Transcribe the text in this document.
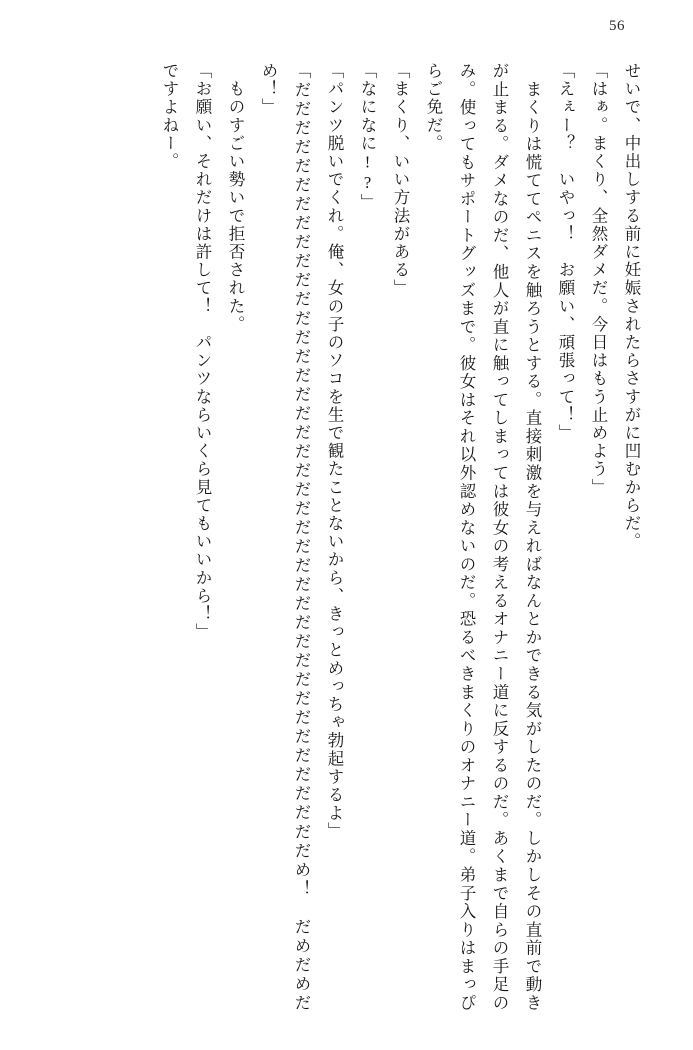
56

せいで、中出しする前に妊娠されたらさすがに凹むからだ。

「はぁ。まくり、全然ダメだ。今日はもう止めよう」

「えぇー？　いやっ！　お願い、頑張って！」

　まくりは慌ててペニスを触ろうとする。直接刺激を与えればなんとかできる気がしたのだ。しかしその直前で動きが止まる。ダメなのだ、他人が直に触ってしまっては彼女の考えるオナニー道に反するのだ。あくまで自らの手足のみ。使ってもサポートグッズまで。彼女はそれ以外認めないのだ。恐るべきまくりのオナニー道。弟子入りはまっぴらご免だ。

「まくり、いい方法がある」

「なになに!?」

「パンツ脱いでくれ。俺、女の子のソコを生で観たことないから、きっとめっちゃ勃起するよ」

「だだだだだだだだだだだだだだだだだだだだだだだだだだだだだだだだだだだだだだだだだめ！　だめだめだめ！」

　ものすごい勢いで拒否された。

「お願い、それだけは許して！　パンツならいくら見てもいいから！」

ですよねー。
